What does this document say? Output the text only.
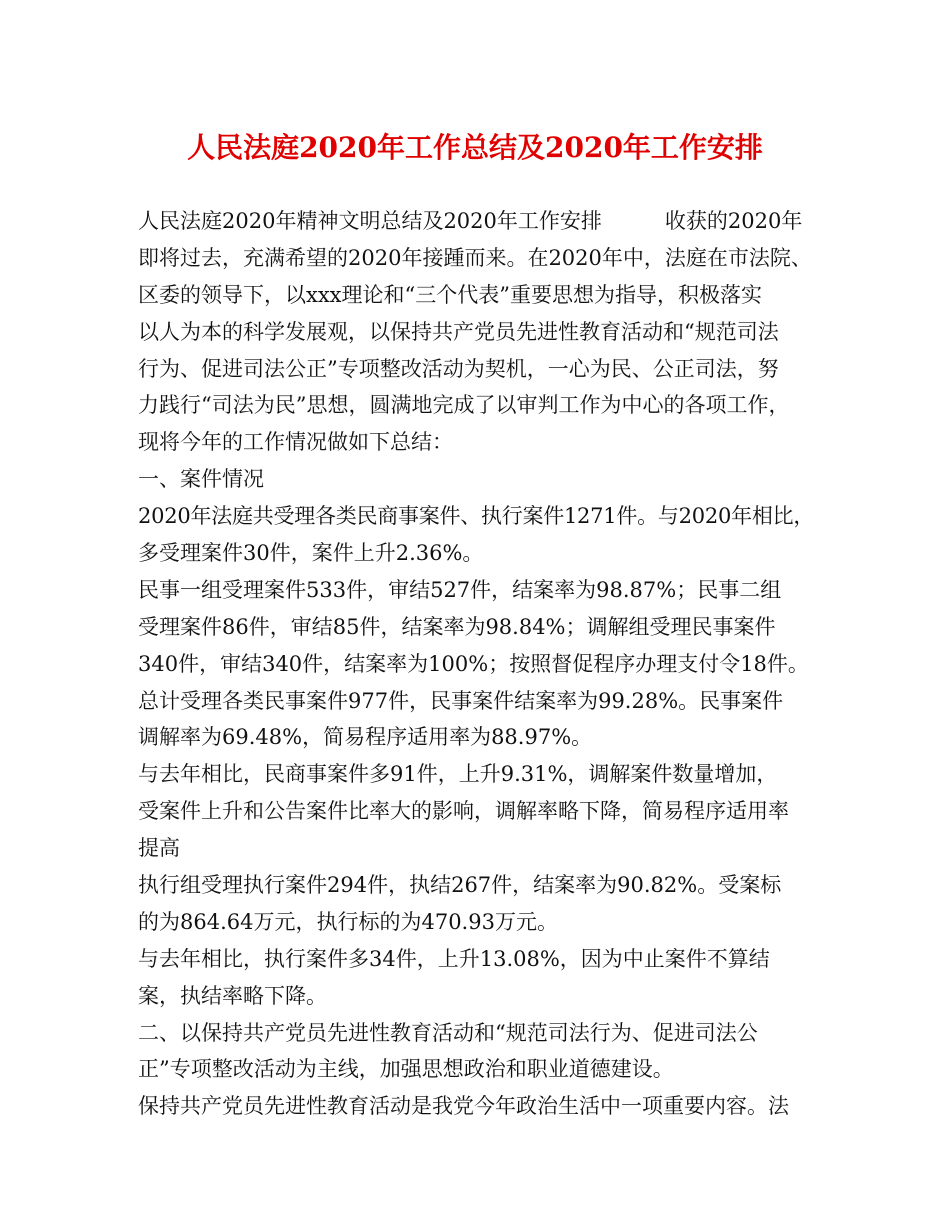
人民法庭2020年工作总结及2020年工作安排
人民法庭2020年精神文明总结及2020年工作安排　　　收获的2020年
即将过去，充满希望的2020年接踵而来。在2020年中，法庭在市法院、
区委的领导下，以xxx理论和“三个代表”重要思想为指导，积极落实
以人为本的科学发展观，以保持共产党员先进性教育活动和“规范司法
行为、促进司法公正”专项整改活动为契机，一心为民、公正司法，努
力践行“司法为民”思想，圆满地完成了以审判工作为中心的各项工作，
现将今年的工作情况做如下总结：
一、案件情况
2020年法庭共受理各类民商事案件、执行案件1271件。与2020年相比，
多受理案件30件，案件上升2.36%。
民事一组受理案件533件，审结527件，结案率为98.87%；民事二组
受理案件86件，审结85件，结案率为98.84%；调解组受理民事案件
340件，审结340件，结案率为100%；按照督促程序办理支付令18件。
总计受理各类民事案件977件，民事案件结案率为99.28%。民事案件
调解率为69.48%，简易程序适用率为88.97%。
与去年相比，民商事案件多91件，上升9.31%，调解案件数量增加，
受案件上升和公告案件比率大的影响，调解率略下降，简易程序适用率
提高
执行组受理执行案件294件，执结267件，结案率为90.82%。受案标
的为864.64万元，执行标的为470.93万元。
与去年相比，执行案件多34件，上升13.08%，因为中止案件不算结
案，执结率略下降。
二、以保持共产党员先进性教育活动和“规范司法行为、促进司法公
正”专项整改活动为主线，加强思想政治和职业道德建设。
保持共产党员先进性教育活动是我党今年政治生活中一项重要内容。法
